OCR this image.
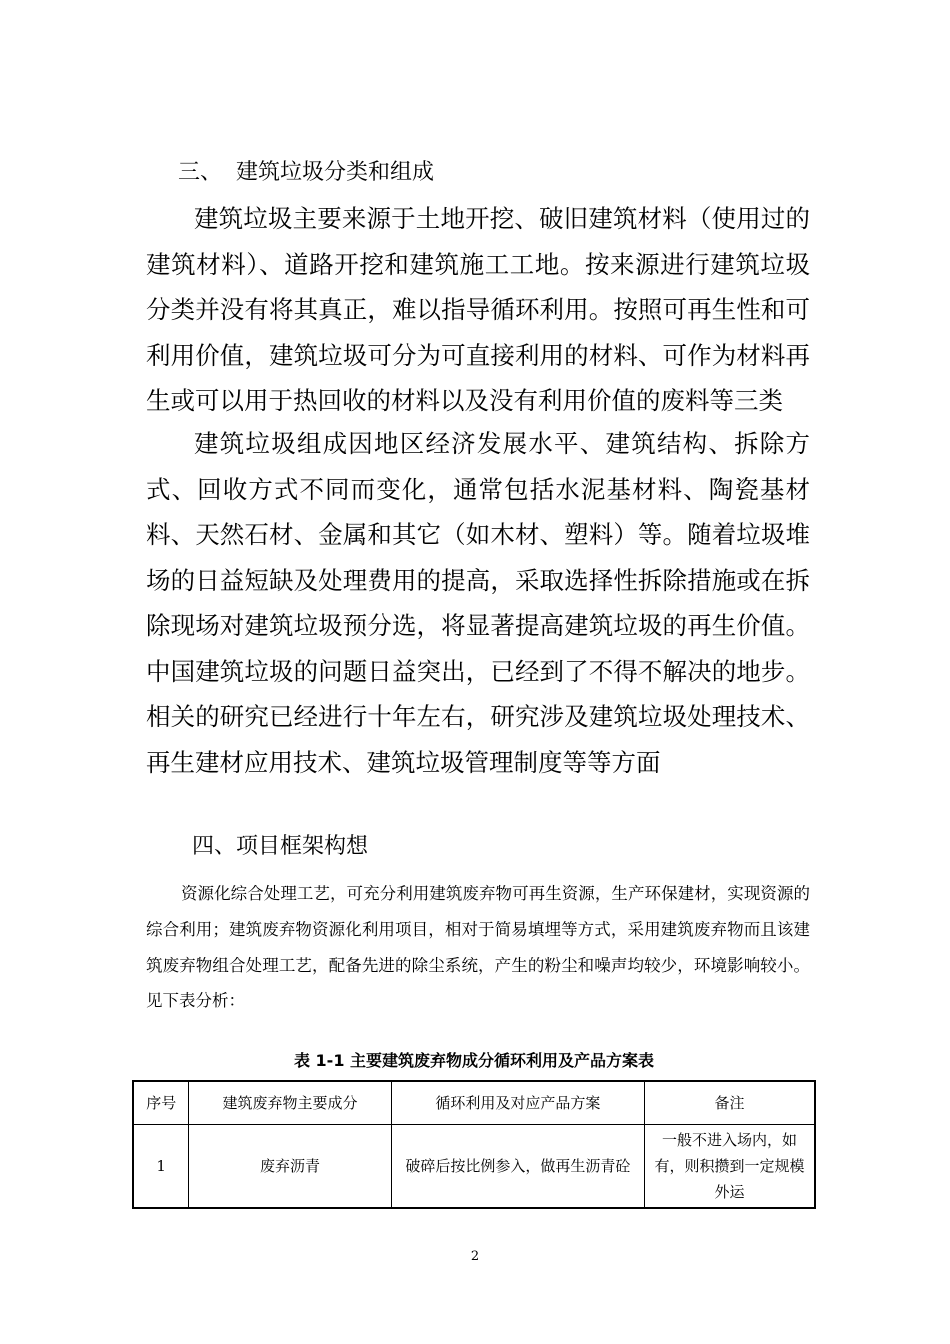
三、 建筑垃圾分类和组成

建筑垃圾主要来源于土地开挖、破旧建筑材料（使用过的建筑材料）、道路开挖和建筑施工工地。按来源进行建筑垃圾分类并没有将其真正，难以指导循环利用。按照可再生性和可利用价值，建筑垃圾可分为可直接利用的材料、可作为材料再生或可以用于热回收的材料以及没有利用价值的废料等三类

建筑垃圾组成因地区经济发展水平、建筑结构、拆除方式、回收方式不同而变化，通常包括水泥基材料、陶瓷基材料、天然石材、金属和其它（如木材、塑料）等。随着垃圾堆场的日益短缺及处理费用的提高，采取选择性拆除措施或在拆除现场对建筑垃圾预分选，将显著提高建筑垃圾的再生价值。中国建筑垃圾的问题日益突出，已经到了不得不解决的地步。相关的研究已经进行十年左右，研究涉及建筑垃圾处理技术、再生建材应用技术、建筑垃圾管理制度等等方面

四、项目框架构想

资源化综合处理工艺，可充分利用建筑废弃物可再生资源，生产环保建材，实现资源的综合利用；建筑废弃物资源化利用项目，相对于简易填埋等方式，采用建筑废弃物而且该建筑废弃物组合处理工艺，配备先进的除尘系统，产生的粉尘和噪声均较少，环境影响较小。见下表分析：

表 1-1 主要建筑废弃物成分循环利用及产品方案表
序号	建筑废弃物主要成分	循环利用及对应产品方案	备注
1	废弃沥青	破碎后按比例参入，做再生沥青砼	一般不进入场内，如有，则积攒到一定规模外运
2
